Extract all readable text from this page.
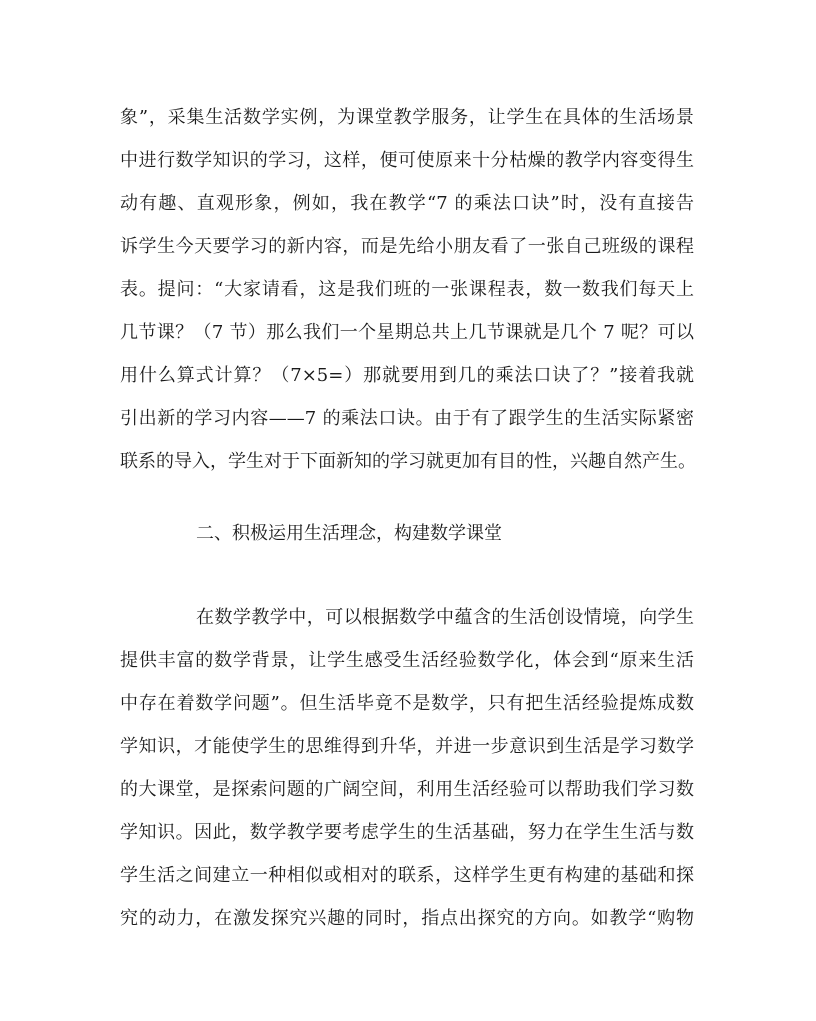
象”，采集生活数学实例，为课堂教学服务，让学生在具体的生活场景
中进行数学知识的学习，这样，便可使原来十分枯燥的教学内容变得生
动有趣、直观形象，例如，我在教学“7 的乘法口诀”时，没有直接告
诉学生今天要学习的新内容，而是先给小朋友看了一张自己班级的课程
表。提问：“大家请看，这是我们班的一张课程表，数一数我们每天上
几节课？（7 节）那么我们一个星期总共上几节课就是几个 7 呢？可以
用什么算式计算？（7×5=）那就要用到几的乘法口诀了？”接着我就
引出新的学习内容——7 的乘法口诀。由于有了跟学生的生活实际紧密
联系的导入，学生对于下面新知的学习就更加有目的性，兴趣自然产生。
二、积极运用生活理念，构建数学课堂
在数学教学中，可以根据数学中蕴含的生活创设情境，向学生
提供丰富的数学背景，让学生感受生活经验数学化，体会到“原来生活
中存在着数学问题”。但生活毕竟不是数学，只有把生活经验提炼成数
学知识，才能使学生的思维得到升华，并进一步意识到生活是学习数学
的大课堂，是探索问题的广阔空间，利用生活经验可以帮助我们学习数
学知识。因此，数学教学要考虑学生的生活基础，努力在学生生活与数
学生活之间建立一种相似或相对的联系，这样学生更有构建的基础和探
究的动力，在激发探究兴趣的同时，指点出探究的方向。如教学“购物
